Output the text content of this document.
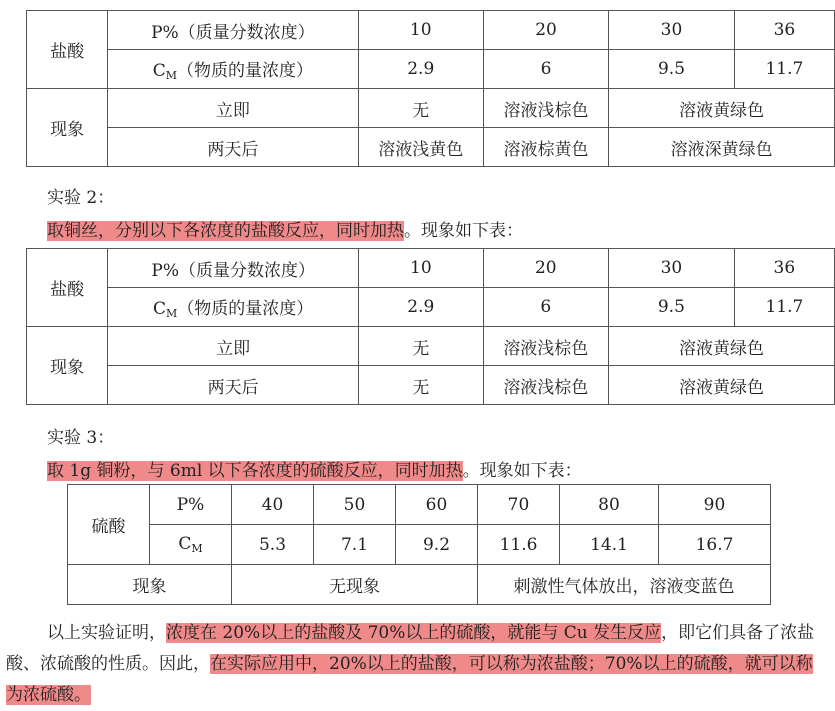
盐酸	P%（质量分数浓度）	10	20	30	36
	$C_M$（物质的量浓度）	2.9	6	9.5	11.7
现象	立即	无	溶液浅棕色	溶液黄绿色	
	两天后	溶液浅黄色	溶液棕黄色	溶液深黄绿色	
实验 2：
取铜丝，分别以下各浓度的盐酸反应，同时加热。现象如下表：
盐酸	P%（质量分数浓度）	10	20	30	36
	$C_M$（物质的量浓度）	2.9	6	9.5	11.7
现象	立即	无	溶液浅棕色	溶液黄绿色	
	两天后	无	溶液浅棕色	溶液黄绿色	
实验 3：
取 1g 铜粉，与 6ml 以下各浓度的硫酸反应，同时加热。现象如下表：
硫酸	P%	40	50	60	70	80	90
	$C_M$	5.3	7.1	9.2	11.6	14.1	16.7
现象		无现象			刺激性气体放出，溶液变蓝色		
以上实验证明，浓度在 20%以上的盐酸及 70%以上的硫酸，就能与 Cu 发生反应，即它们具备了浓盐酸、浓硫酸的性质。因此，在实际应用中，20%以上的盐酸，可以称为浓盐酸；70%以上的硫酸，就可以称为浓硫酸。
